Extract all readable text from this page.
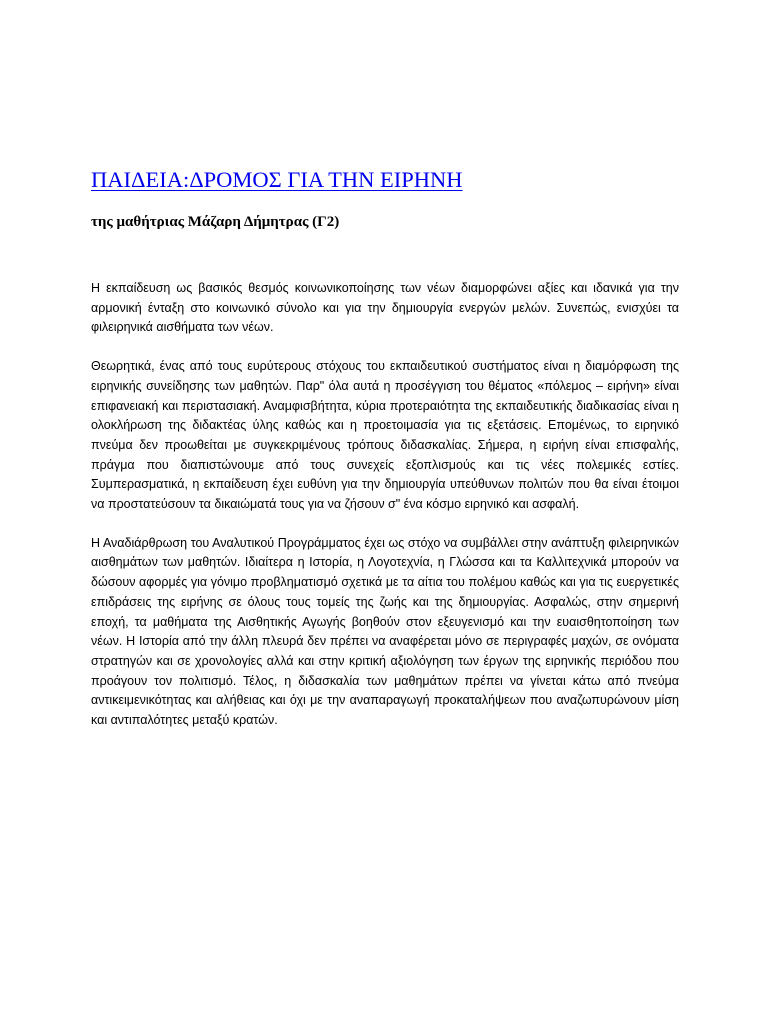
ΠΑΙΔΕΙΑ:ΔΡΟΜΟΣ ΓΙΑ ΤΗΝ ΕΙΡΗΝΗ

της μαθήτριας Μάζαρη Δήμητρας (Γ2)

Η εκπαίδευση ως βασικός θεσμός κοινωνικοποίησης των νέων διαμορφώνει αξίες και ιδανικά για την αρμονική ένταξη στο κοινωνικό σύνολο και για την δημιουργία ενεργών μελών. Συνεπώς, ενισχύει τα φιλειρηνικά αισθήματα των νέων.

Θεωρητικά, ένας από τους ευρύτερους στόχους του εκπαιδευτικού συστήματος είναι η διαμόρφωση της ειρηνικής συνείδησης των μαθητών. Παρ" όλα αυτά η προσέγγιση του θέματος «πόλεμος – ειρήνη» είναι επιφανειακή και περιστασιακή. Αναμφισβήτητα, κύρια προτεραιότητα της εκπαιδευτικής διαδικασίας είναι η ολοκλήρωση της διδακτέας ύλης καθώς και η προετοιμασία για τις εξετάσεις. Επομένως, το ειρηνικό πνεύμα δεν προωθείται με συγκεκριμένους τρόπους διδασκαλίας. Σήμερα, η ειρήνη είναι επισφαλής, πράγμα που διαπιστώνουμε από τους συνεχείς εξοπλισμούς και τις νέες πολεμικές εστίες. Συμπερασματικά, η εκπαίδευση έχει ευθύνη για την δημιουργία υπεύθυνων πολιτών που θα είναι έτοιμοι να προστατεύσουν τα δικαιώματά τους για να ζήσουν σ" ένα κόσμο ειρηνικό και ασφαλή.

Η Αναδιάρθρωση του Αναλυτικού Προγράμματος έχει ως στόχο να συμβάλλει στην ανάπτυξη φιλειρηνικών αισθημάτων των μαθητών. Ιδιαίτερα η Ιστορία, η Λογοτεχνία, η Γλώσσα και τα Καλλιτεχνικά μπορούν να δώσουν αφορμές για γόνιμο προβληματισμό σχετικά με τα αίτια του πολέμου καθώς και για τις ευεργετικές επιδράσεις της ειρήνης σε όλους τους τομείς της ζωής και της δημιουργίας. Ασφαλώς, στην σημερινή εποχή, τα μαθήματα της Αισθητικής Αγωγής βοηθούν στον εξευγενισμό και την ευαισθητοποίηση των νέων. Η Ιστορία από την άλλη πλευρά δεν πρέπει να αναφέρεται μόνο σε περιγραφές μαχών, σε ονόματα στρατηγών και σε χρονολογίες αλλά και στην κριτική αξιολόγηση των έργων της ειρηνικής περιόδου που προάγουν τον πολιτισμό. Τέλος, η διδασκαλία των μαθημάτων πρέπει να γίνεται κάτω από πνεύμα αντικειμενικότητας και αλήθειας και όχι με την αναπαραγωγή προκαταλήψεων που αναζωπυρώνουν μίση και αντιπαλότητες μεταξύ κρατών.
